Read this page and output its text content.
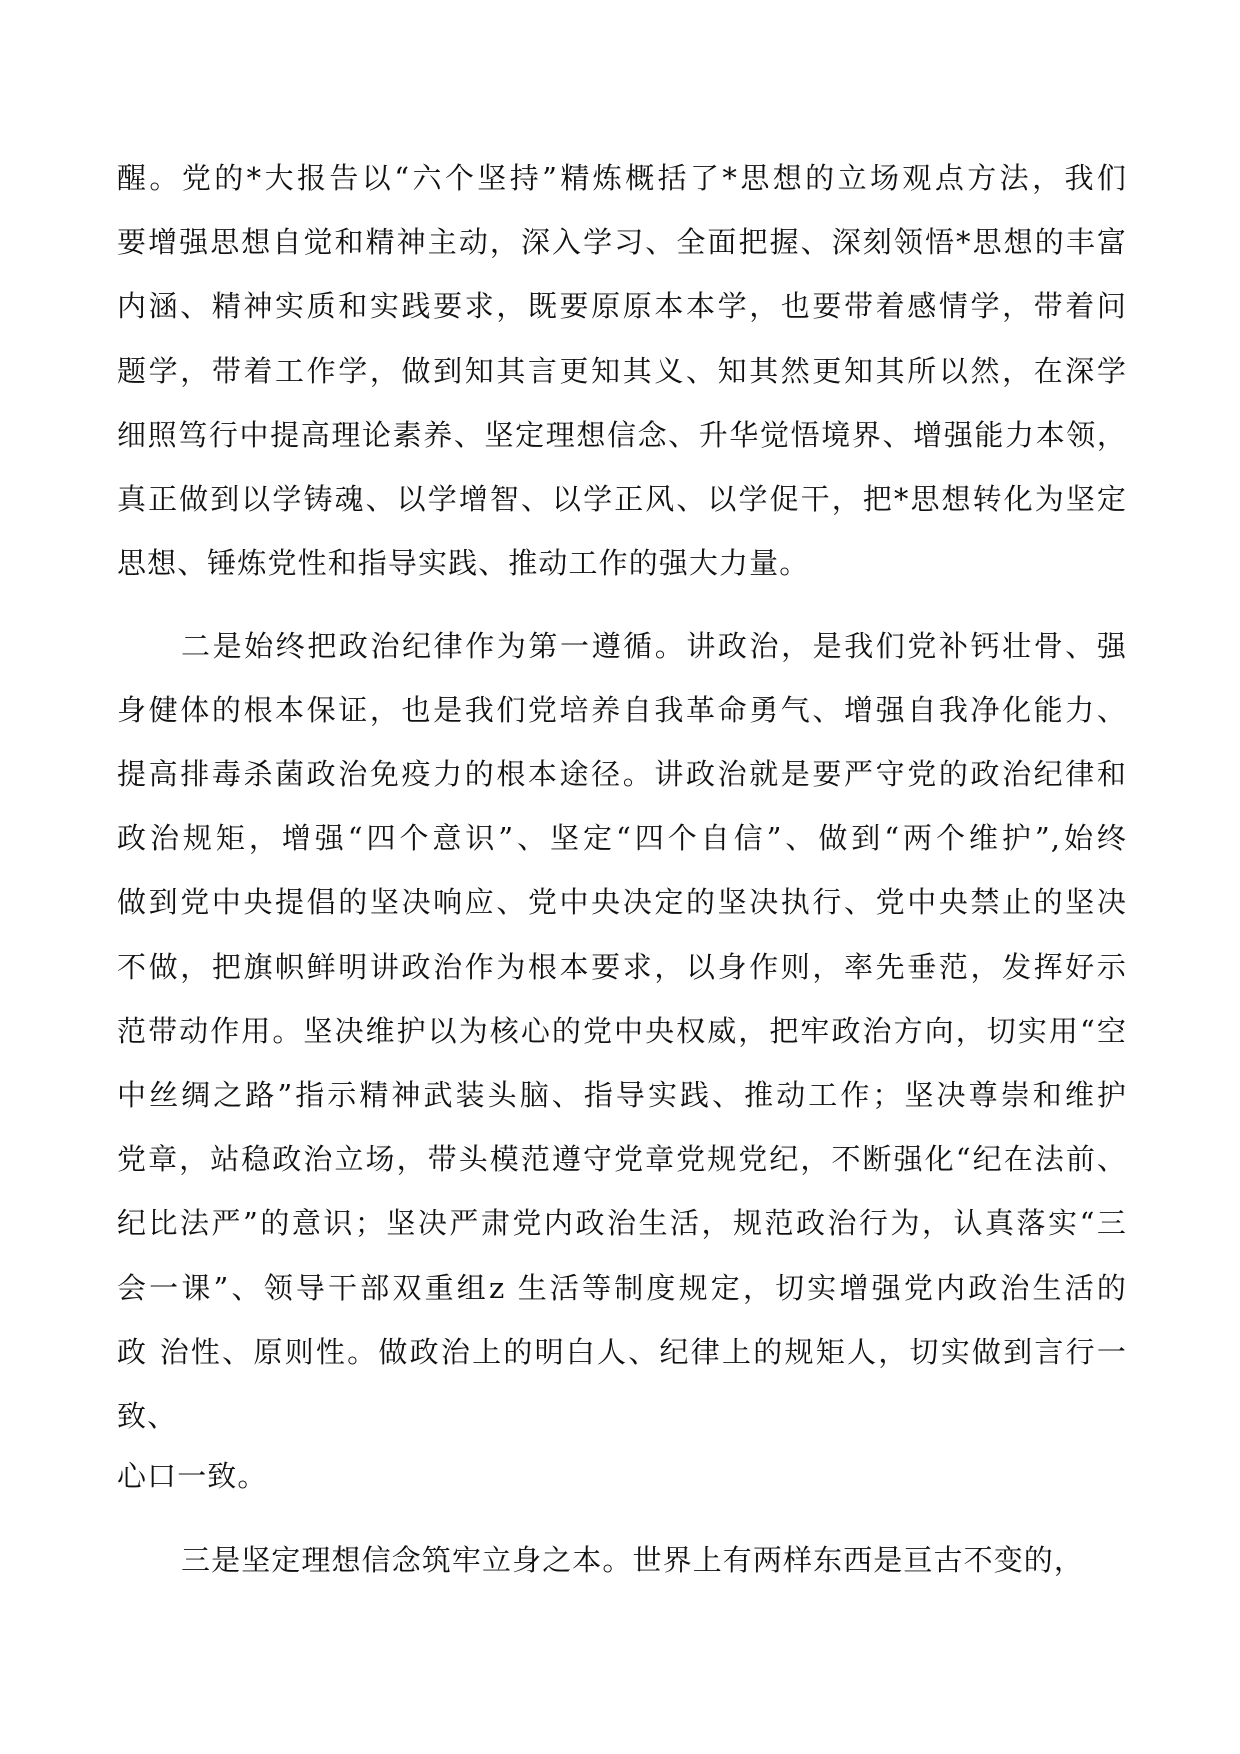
醒。党的*大报告以“六个坚持”精炼概括了*思想的立场观点方法，我们
要增强思想自觉和精神主动，深入学习、全面把握、深刻领悟*思想的丰富
内涵、精神实质和实践要求，既要原原本本学，也要带着感情学，带着问
题学，带着工作学，做到知其言更知其义、知其然更知其所以然，在深学
细照笃行中提高理论素养、坚定理想信念、升华觉悟境界、增强能力本领，
真正做到以学铸魂、以学增智、以学正风、以学促干，把*思想转化为坚定
思想、锤炼党性和指导实践、推动工作的强大力量。
二是始终把政治纪律作为第一遵循。讲政治，是我们党补钙壮骨、强
身健体的根本保证，也是我们党培养自我革命勇气、增强自我净化能力、
提高排毒杀菌政治免疫力的根本途径。讲政治就是要严守党的政治纪律和
政治规矩，增强“四个意识”、坚定“四个自信”、做到“两个维护”,始终
做到党中央提倡的坚决响应、党中央决定的坚决执行、党中央禁止的坚决
不做，把旗帜鲜明讲政治作为根本要求，以身作则，率先垂范，发挥好示
范带动作用。坚决维护以为核心的党中央权威，把牢政治方向，切实用“空
中丝绸之路”指示精神武装头脑、指导实践、推动工作；坚决尊崇和维护
党章，站稳政治立场，带头模范遵守党章党规党纪，不断强化“纪在法前、
纪比法严”的意识；坚决严肃党内政治生活，规范政治行为，认真落实“三
会一课”、领导干部双重组z 生活等制度规定，切实增强党内政治生活的
政 治性、原则性。做政治上的明白人、纪律上的规矩人，切实做到言行一
致、
心口一致。
三是坚定理想信念筑牢立身之本。世界上有两样东西是亘古不变的，
